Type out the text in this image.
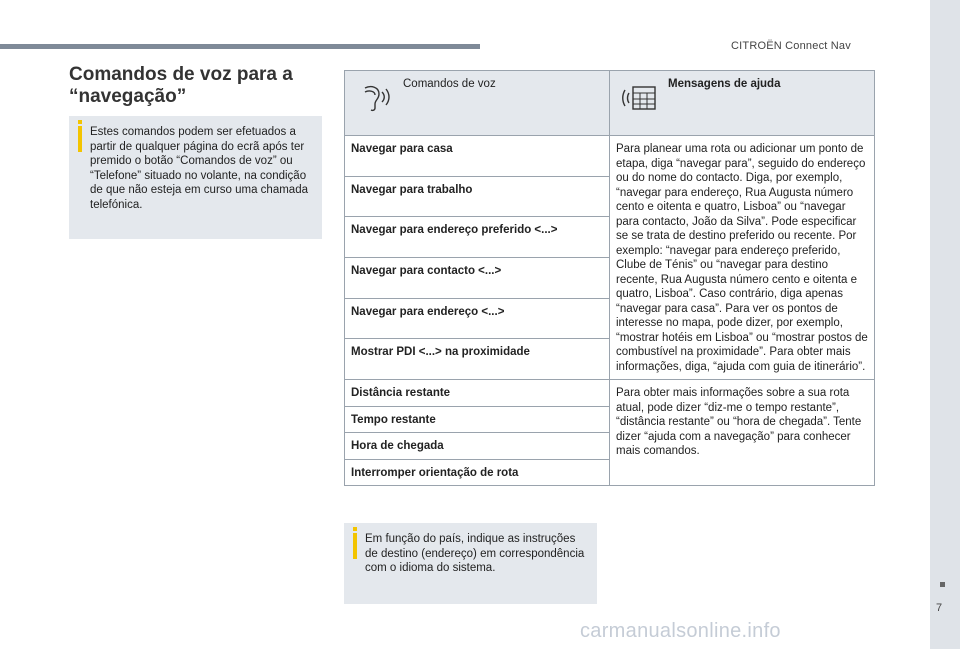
CITROËN Connect Nav
7
carmanualsonline.info
Comandos de voz para a “navegação”
Estes comandos podem ser efetuados a partir de qualquer página do ecrã após ter premido o botão “Comandos de voz” ou “Telefone” situado no volante, na condição de que não esteja em curso uma chamada telefónica.
Comandos de voz	Mensagens de ajuda

Navegar para casa	Para planear uma rota ou adicionar um ponto de etapa, diga “navegar para”, seguido do endereço ou do nome do contacto. Diga, por exemplo, “navegar para endereço, Rua Augusta número cento e oitenta e quatro, Lisboa” ou “navegar para contacto, João da Silva”. Pode especificar se se trata de destino preferido ou recente. Por exemplo: “navegar para endereço preferido, Clube de Ténis” ou “navegar para destino recente, Rua Augusta número cento e oitenta e quatro, Lisboa”. Caso contrário, diga apenas “navegar para casa”. Para ver os pontos de interesse no mapa, pode dizer, por exemplo, “mostrar hotéis em Lisboa” ou “mostrar postos de combustível na proximidade”. Para obter mais informações, diga, “ajuda com guia de itinerário”.
Navegar para trabalho	
Navegar para endereço preferido <...>	
Navegar para contacto <...>	
Navegar para endereço <...>	
Mostrar PDI <...> na proximidade	
Distância restante	Para obter mais informações sobre a sua rota atual, pode dizer “diz-me o tempo restante”, “distância restante” ou “hora de chegada”. Tente dizer “ajuda com a navegação” para conhecer mais comandos.
Tempo restante	
Hora de chegada	
Interromper orientação de rota	
Em função do país, indique as instruções de destino (endereço) em correspondência com o idioma do sistema.
